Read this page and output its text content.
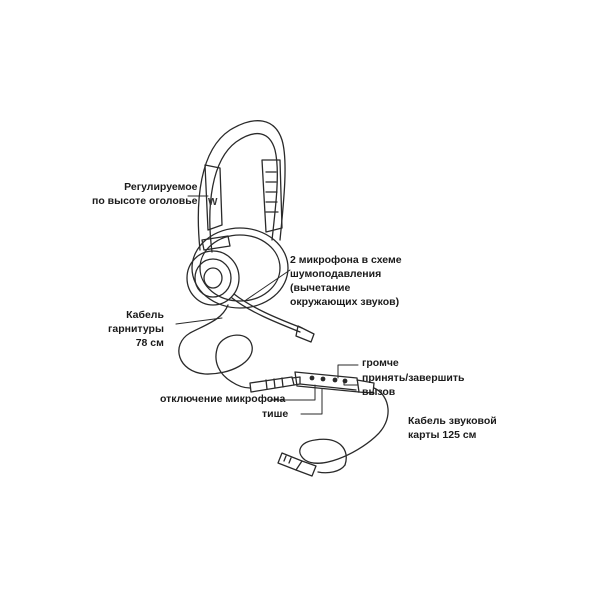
W
Регулируемое
по высоте оголовье
2 микрофона в схеме
шумоподавления
(вычетание
окружающих звуков)
Кабель
гарнитуры
78 см
громче
принять/завершить
вызов
отключение микрофона
тише
Кабель звуковой
карты 125 см
